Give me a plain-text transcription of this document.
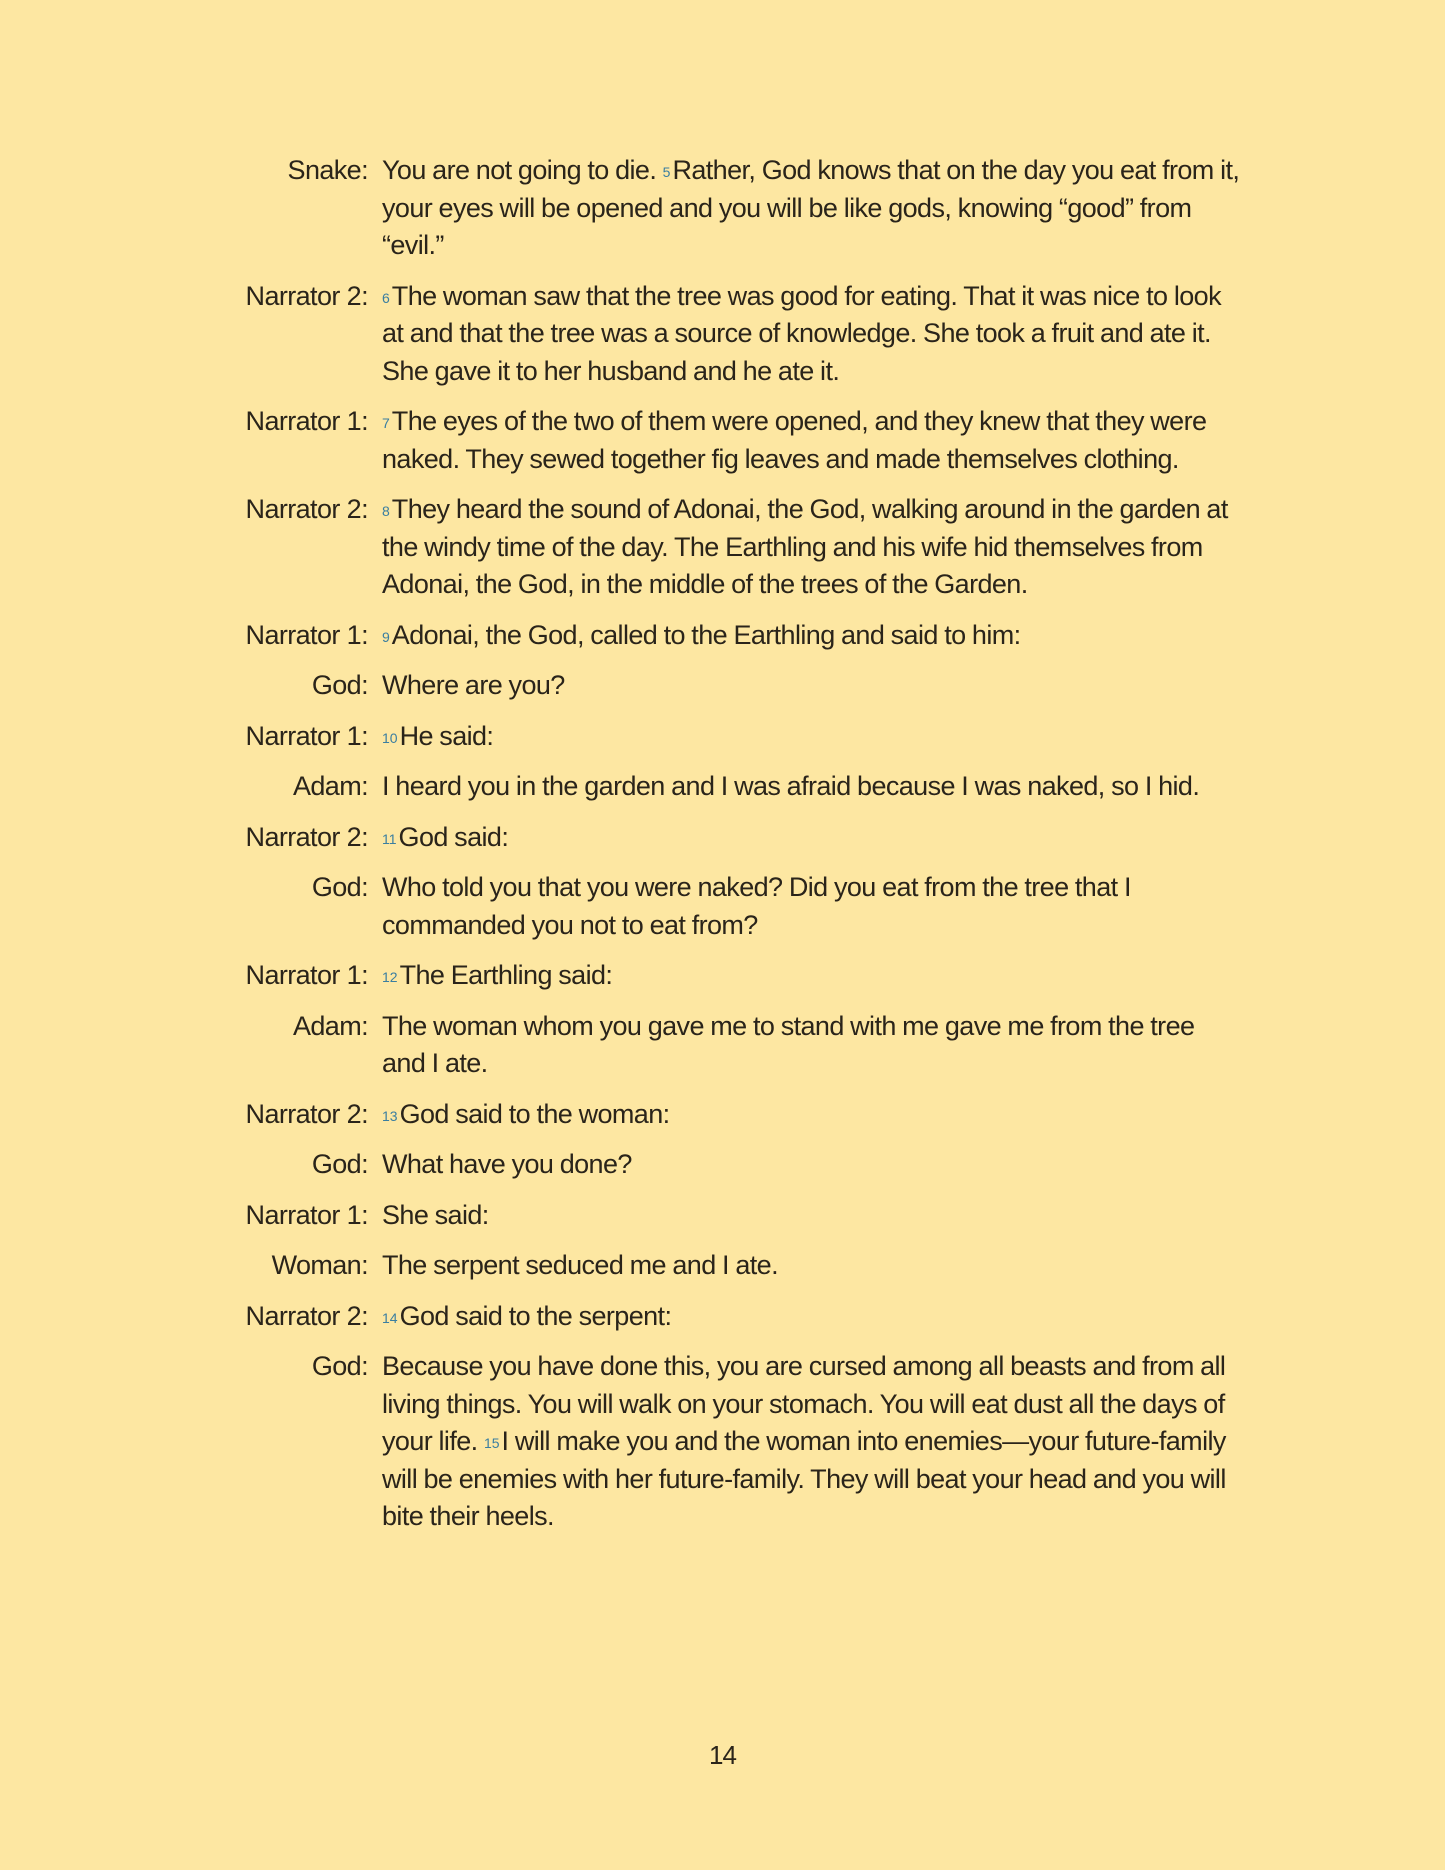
Snake: You are not going to die. $^5$Rather, God knows that on the day you eat from it, your eyes will be opened and you will be like gods, knowing “good” from “evil.”
Narrator 2: $^6$The woman saw that the tree was good for eating. That it was nice to look at and that the tree was a source of knowledge. She took a fruit and ate it. She gave it to her husband and he ate it.
Narrator 1: $^7$The eyes of the two of them were opened, and they knew that they were naked. They sewed together fig leaves and made themselves clothing.
Narrator 2: $^8$They heard the sound of Adonai, the God, walking around in the garden at the windy time of the day. The Earthling and his wife hid themselves from Adonai, the God, in the middle of the trees of the Garden.
Narrator 1: $^9$Adonai, the God, called to the Earthling and said to him:
God: Where are you?
Narrator 1: $^{10}$He said:
Adam: I heard you in the garden and I was afraid because I was naked, so I hid.
Narrator 2: $^{11}$God said:
God: Who told you that you were naked? Did you eat from the tree that I commanded you not to eat from?
Narrator 1: $^{12}$The Earthling said:
Adam: The woman whom you gave me to stand with me gave me from the tree and I ate.
Narrator 2: $^{13}$God said to the woman:
God: What have you done?
Narrator 1: She said:
Woman: The serpent seduced me and I ate.
Narrator 2: $^{14}$God said to the serpent:
God: Because you have done this, you are cursed among all beasts and from all living things. You will walk on your stomach. You will eat dust all the days of your life. $^{15}$I will make you and the woman into enemies—your future-family will be enemies with her future-family. They will beat your head and you will bite their heels.
14
